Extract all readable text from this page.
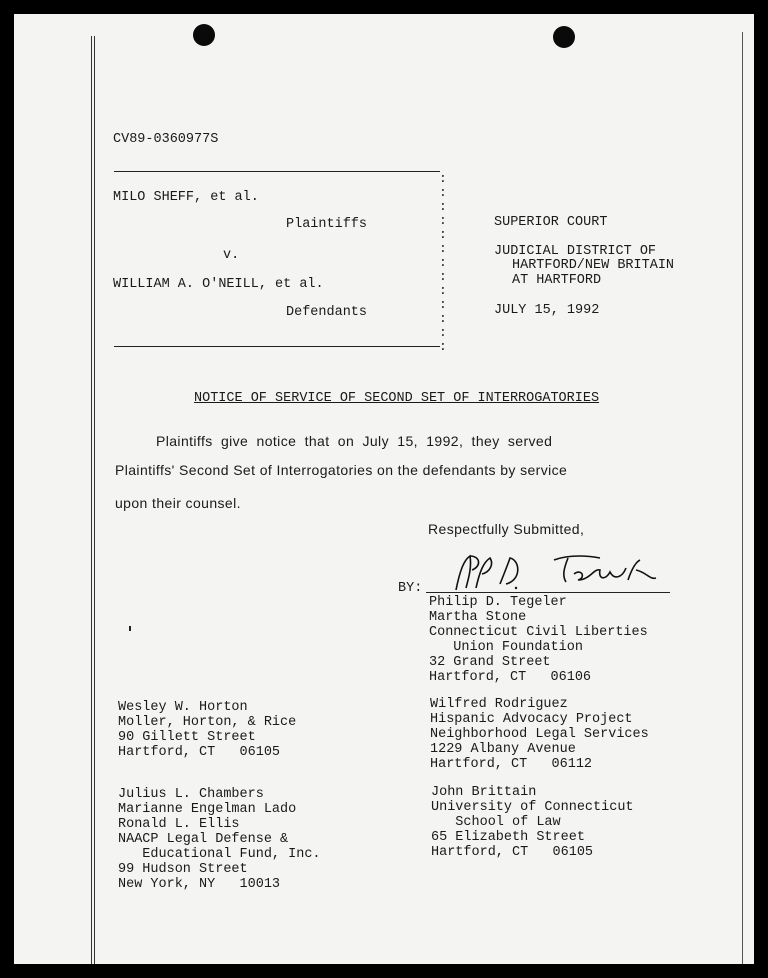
CV89-0360977S
MILO SHEFF, et al.
Plaintiffs
v.
WILLIAM A. O'NEILL, et al.
Defendants
:
:
:
:
:
:
:
:
:
:
:
:
:
SUPERIOR COURT
JUDICIAL DISTRICT OF
HARTFORD/NEW BRITAIN
AT HARTFORD
JULY 15, 1992
NOTICE OF SERVICE OF SECOND SET OF INTERROGATORIES
Plaintiffs give notice that on July 15, 1992, they served
Plaintiffs' Second Set of Interrogatories on the defendants by service
upon their counsel.
Respectfully Submitted,
BY:
Philip D. Tegeler
Martha Stone
Connecticut Civil Liberties
Union Foundation
32 Grand Street
Hartford, CT   06106
Wilfred Rodriguez
Hispanic Advocacy Project
Neighborhood Legal Services
1229 Albany Avenue
Hartford, CT   06112
John Brittain
University of Connecticut
School of Law
65 Elizabeth Street
Hartford, CT   06105
Wesley W. Horton
Moller, Horton, & Rice
90 Gillett Street
Hartford, CT   06105
Julius L. Chambers
Marianne Engelman Lado
Ronald L. Ellis
NAACP Legal Defense &
Educational Fund, Inc.
99 Hudson Street
New York, NY   10013
